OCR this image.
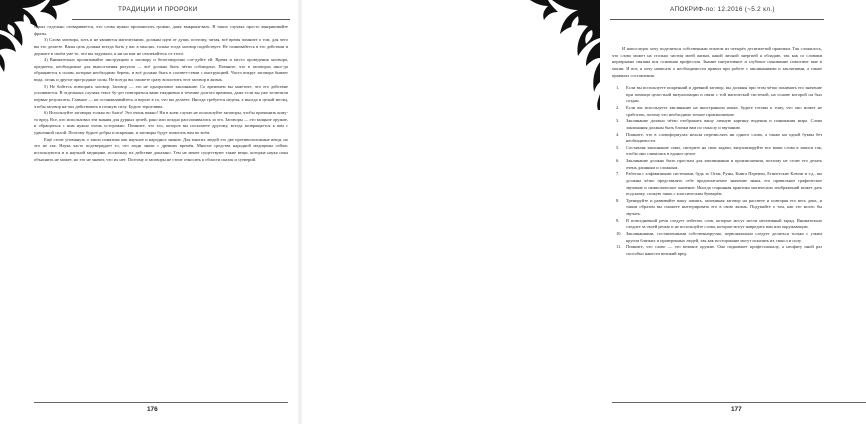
ТРАДИЦИИ И ПРОРОКИ

торых отдельно оговаривается, что слова нужно произносить громко, даже выкрики-вать. В таких случаях просто выкрикивайте фразы.

3) Слова заговора, хоть и не являются магическими, должны идти от души, поэтому, читая, всё время помните о том, для чего вы это делаете. Ваша цель должна всегда быть у вас в мыслях, только тогда заговор подействует. Не сомневайтесь в его действии и держите в своём уме то, что вы задумали, и ни на миг не отвлекайтесь от этого.

4) Внимательно прочитывайте инструкцию к заговору и безоговорочно сле-дуйте ей. Время и место проведения заговора, предметы, необходимые для выпол-нения ритуала — всё должно быть чётко соблюдено. Помните, что в заговорах иног-да обращаются к силам, которые необходимо беречь, и всё должно быть в соответ-ствии с инструкцией. Часто вокруг заговора бывает вода, огонь и другие при-родные силы. Не всегда вы сможете сразу воплотить этот заговор в жизнь.

5) Не бойтесь повторять заговор. Заговор — это не одноразовое заклинание. Со временем вы заметите, что его действие усиливается. В отдельных случаях текст бу-дет повторяться вами ежедневно в течение долгого времени, даже если вы уже за-метили первые результаты. Главное — не останавливайтесь и верьте в то, что вы делаете. Иногда требуется неделя, а иногда и целый месяц, чтобы заговор на-чал действовать в полную силу. Будьте терпеливы.

6) Используйте заговоры только во благо! Это очень важно! Ни в коем случае не используйте заговоры, чтобы причинить кому-то вред. Все, кто использовал эти знания для дурных целей, рано или поздно расплачивались за это. Заговоры — это мощное оружие, и обращаться с ним нужно очень осторожно. Помните, что зло, которое вы посылаете другому, всегда возвращается к вам с удвоенной силой. Поэтому будьте добры и искренни, и заговоры будут помогать вам во всём.

Ещё стоит упомянуть о таких понятиях как научное и народное знание. Для многих людей это две противоположные вещи, но это не так. Наука часто подтверждает то, что люди знали с древних времён. Многие средства народной медицины сейчас используются и в научной медицине, поскольку их действие доказано. Тем не менее существуют такие вещи, которые наука пока объяснить не может, но это не значит, что их нет. Поэтому и заговоры не стоит относить к области сказок и суеверий.

176
АПОКРИФ-по: 12.2016 (~5.2 кл.)

И напоследок хочу поделиться собственным опытом из четырёх десятилетий практики. Так сложилось, что слово может на столько частиц моей жизни, какой личной энергией я обладаю, так как со словами неразрывно связана вся основная профессия. Знание интуитивное и глубокое понимание помогают мне в магии. И вот, я хочу написать о необходимости правил при работе с заклинаниями и заклятиями, а также правилах составления.

1.	Если вы используете искренний и древний заговор, вы должны при этом чётко понимать его значение при помощи целостной визуализации и связи с той магической системой, на основе которой он был создан.
2.	Если вы используете заклинание на иностранном языке, будьте готовы к тому, что оно может не сработать, потому что необходимо точное произношение.
3.	Заклинание должно чётко отображать вашу личную картину видения и понимания мира. Слова заклинания должны быть близки вам по смыслу и звучанию.
4.	Помните, что в словоформулах нельзя перечислять ни одного слова, а также ни одной буквы без необходимости.
5.	Составляя заклинание сами, смотрите на свои задачи, визуализируйте все ваши слова в записи так, чтобы они сливались в единое целое.
6.	Заклинание должно быть простым для запоминания и произношения, поэтому не стоит его делать очень длинным и сложным.
7.	Работая с алфавитными системами, будь то Огам, Руны, Книга Перемен, Египетские Ключи и т.д., вы должны чётко представлять себе предполагаемое значение знака, его правильное графическое звучание и символическое значение. Иногда старинная практика магических изображений может дать подсказку, схожую лишь с классическим букварём.
8.	Тренируйте и развивайте вашу память, запоминая заговор на рассвете и повторяя его весь день, и таким образом вы сможете интегрировать его в свою жизнь. Подумайте о том, как это могло бы звучать.
9.	В повседневной речи следует избегать слов, которые могут нести негативный заряд. Внимательно следите за своей речью и не используйте слова, которые могут навредить вам или окружающим.
10.	Заклинаниями, составленными собственноручно, первоначально следует делиться только с узким кругом близких и проверенных людей, так как посторонние могут исказить их смысл и силу.
11.	Помните, что слово — это великое оружие. Оно поднимает профессионалу, а неофиту иной раз способно нанести великий вред.
177
